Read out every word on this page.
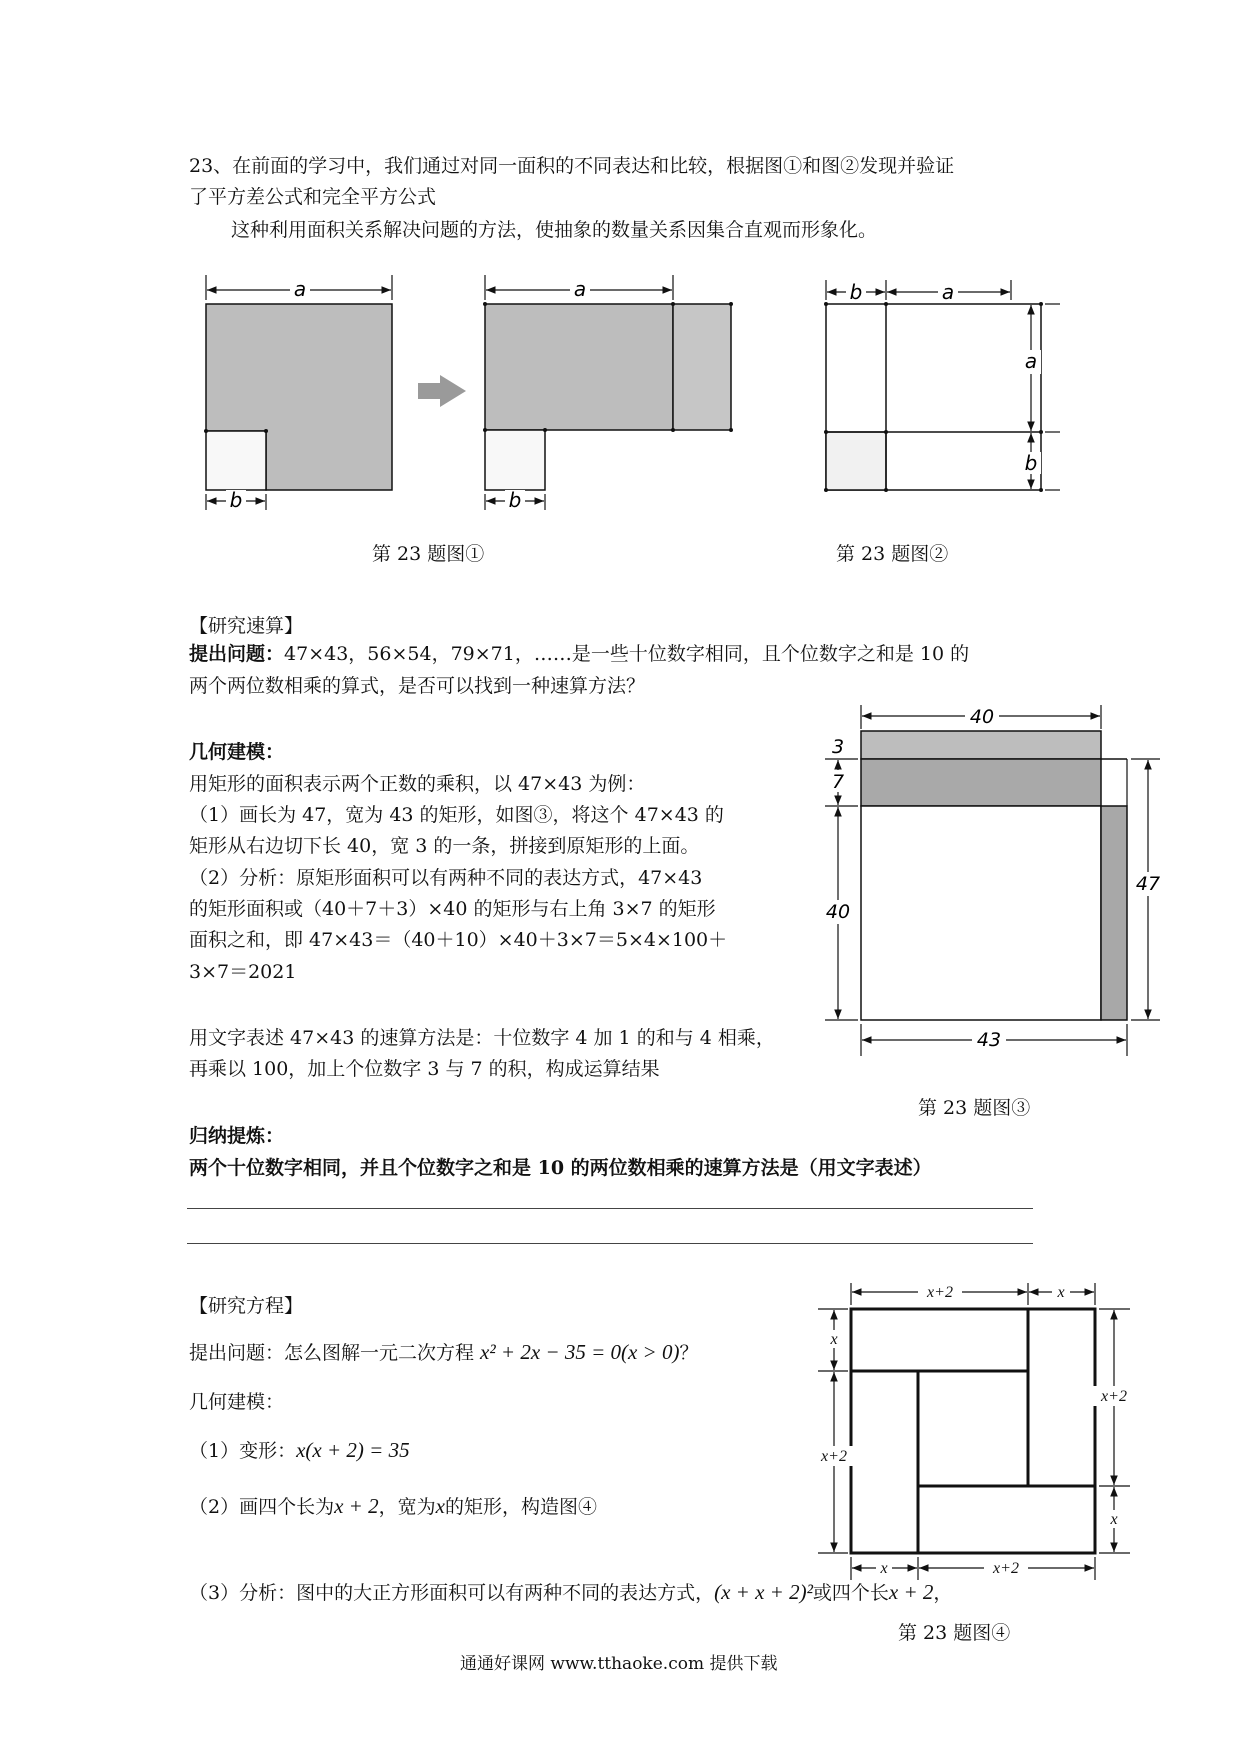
23、在前面的学习中，我们通过对同一面积的不同表达和比较，根据图①和图②发现并验证
了平方差公式和完全平方公式
这种利用面积关系解决问题的方法，使抽象的数量关系因集合直观而形象化。
a
b
a
b
b	a
a
b
40
3
7
40
47
43
x+2	x
x
x+2
x+2
x
x	x+2
第 23 题图①	第 23 题图②
【研究速算】
提出问题：47×43，56×54，79×71，……是一些十位数字相同，且个位数字之和是 10 的
两个两位数相乘的算式，是否可以找到一种速算方法？
几何建模：
用矩形的面积表示两个正数的乘积，以 47×43 为例：
（1）画长为 47，宽为 43 的矩形，如图③，将这个 47×43 的
矩形从右边切下长 40，宽 3 的一条，拼接到原矩形的上面。
（2）分析：原矩形面积可以有两种不同的表达方式，47×43
的矩形面积或（40＋7＋3）×40 的矩形与右上角 3×7 的矩形
面积之和，即 47×43＝（40＋10）×40＋3×7＝5×4×100＋
3×7＝2021
用文字表述 47×43 的速算方法是：十位数字 4 加 1 的和与 4 相乘，
再乘以 100，加上个位数字 3 与 7 的积，构成运算结果
第 23 题图③
归纳提炼：
两个十位数字相同，并且个位数字之和是 10 的两位数相乘的速算方法是（用文字表述）
【研究方程】
提出问题：怎么图解一元二次方程 x² + 2x − 35 = 0(x > 0)？
几何建模：
（1）变形：x(x + 2) = 35
（2）画四个长为x + 2，宽为x的矩形，构造图④
（3）分析：图中的大正方形面积可以有两种不同的表达方式，(x + x + 2)²或四个长x + 2，
第 23 题图④
通通好课网 www.tthaoke.com 提供下载
